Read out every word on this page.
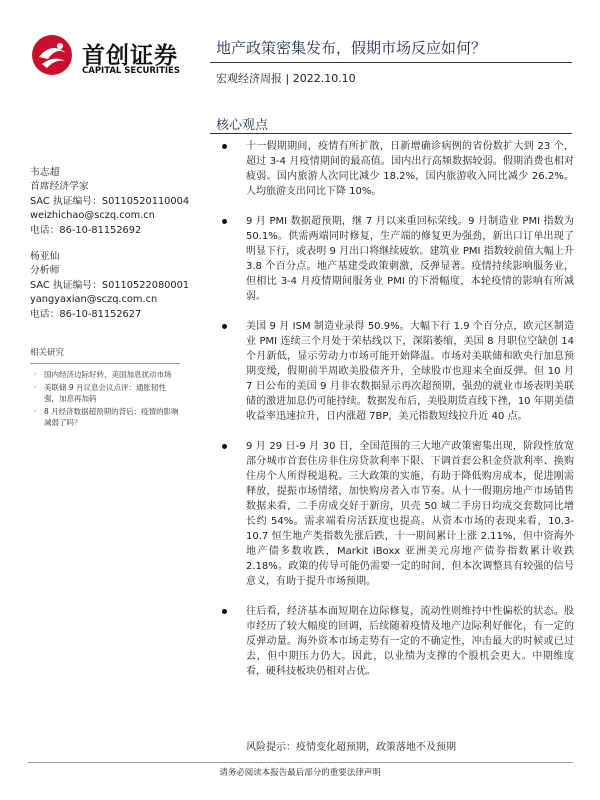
首创证券
CAPITAL SECURITIES
地产政策密集发布，假期市场反应如何？
宏观经济周报 | 2022.10.10
核心观点
韦志超
首席经济学家
SAC 执证编号：S0110520110004
weizhichao@sczq.com.cn
电话：86-10-81152692
杨亚仙
分析师
SAC 执证编号：S0110522080001
yangyaxian@sczq.com.cn
电话：86-10-81152627
相关研究
· 国内经济边际好转，美国加息扰动市场
· 美联储 9 月议息会议点评：通胀韧性强，加息再加码
· 8 月经济数据超预期的背后：疫情的影响减弱了吗？
十一假期期间，疫情有所扩散，日新增确诊病例的省份数扩大到 23 个，超过 3-4 月疫情期间的最高值。国内出行高频数据较弱。假期消费也相对疲弱。国内旅游人次同比减少 18.2%，国内旅游收入同比减少 26.2%。人均旅游支出同比下降 10%。
9 月 PMI 数据超预期，继 7 月以来重回标荣线。9 月制造业 PMI 指数为 50.1%。供需两端同时修复，生产端的修复更为强劲，新出口订单出现了明显下行，或表明 9 月出口将继续疲软。建筑业 PMI 指数较前值大幅上升 3.8 个百分点。地产基建受政策刺激，反弹显著。疫情持续影响服务业，但相比 3-4 月疫情期间服务业 PMI 的下滑幅度，本轮疫情的影响有所减弱。
美国 9 月 ISM 制造业录得 50.9%。大幅下行 1.9 个百分点，欧元区制造业 PMI 连续三个月处于荣枯线以下，深陷萎缩，美国 8 月职位空缺创 14 个月新低，显示劳动力市场可能开始降温。市场对美联储和欧央行加息预期变缓，假期前半周欧美股债齐升，全球股市也迎来全面反弹。但 10 月 7 日公布的美国 9 月非农数据显示再次超预期，强劲的就业市场表明美联储的激进加息仍可能持续。数据发布后，美股期货直线下挫，10 年期美债收益率迅速拉升，日内涨超 7BP，美元指数短线拉升近 40 点。
9 月 29 日-9 月 30 日，全国范围的三大地产政策密集出现，阶段性放宽部分城市首套住房非住房贷款利率下限、下调首套公积金贷款利率、换购住房个人所得税退税。三大政策的实施，有助于降低购房成本，促进刚需释放，提振市场情绪，加快购房者入市节奏。从十一假期房地产市场销售数据来看，二手房成交好于新房，贝壳 50 城二手房日均成交套数同比增长约 54%。需求端看房活跃度也提高。从资本市场的表现来看，10.3-10.7 恒生地产类指数先涨后跌，十一期间累计上涨 2.11%，但中资海外地产债多数收跌，Markit iBoxx 亚洲美元房地产债券指数累计收跌 2.18%。政策的传导可能仍需要一定的时间，但本次调整具有较强的信号意义，有助于提升市场预期。
往后看，经济基本面短期在边际修复，流动性则维持中性偏松的状态。股市经历了较大幅度的回调，后续随着疫情及地产边际利好催化，有一定的反弹动量。海外资本市场走势有一定的不确定性，冲击最大的时候或已过去，但中期压力仍大。因此，以业绩为支撑的个股机会更大。中期维度看，硬科技板块仍相对占优。
风险提示：疫情变化超预期，政策落地不及预期
请务必阅读本报告最后部分的重要法律声明
